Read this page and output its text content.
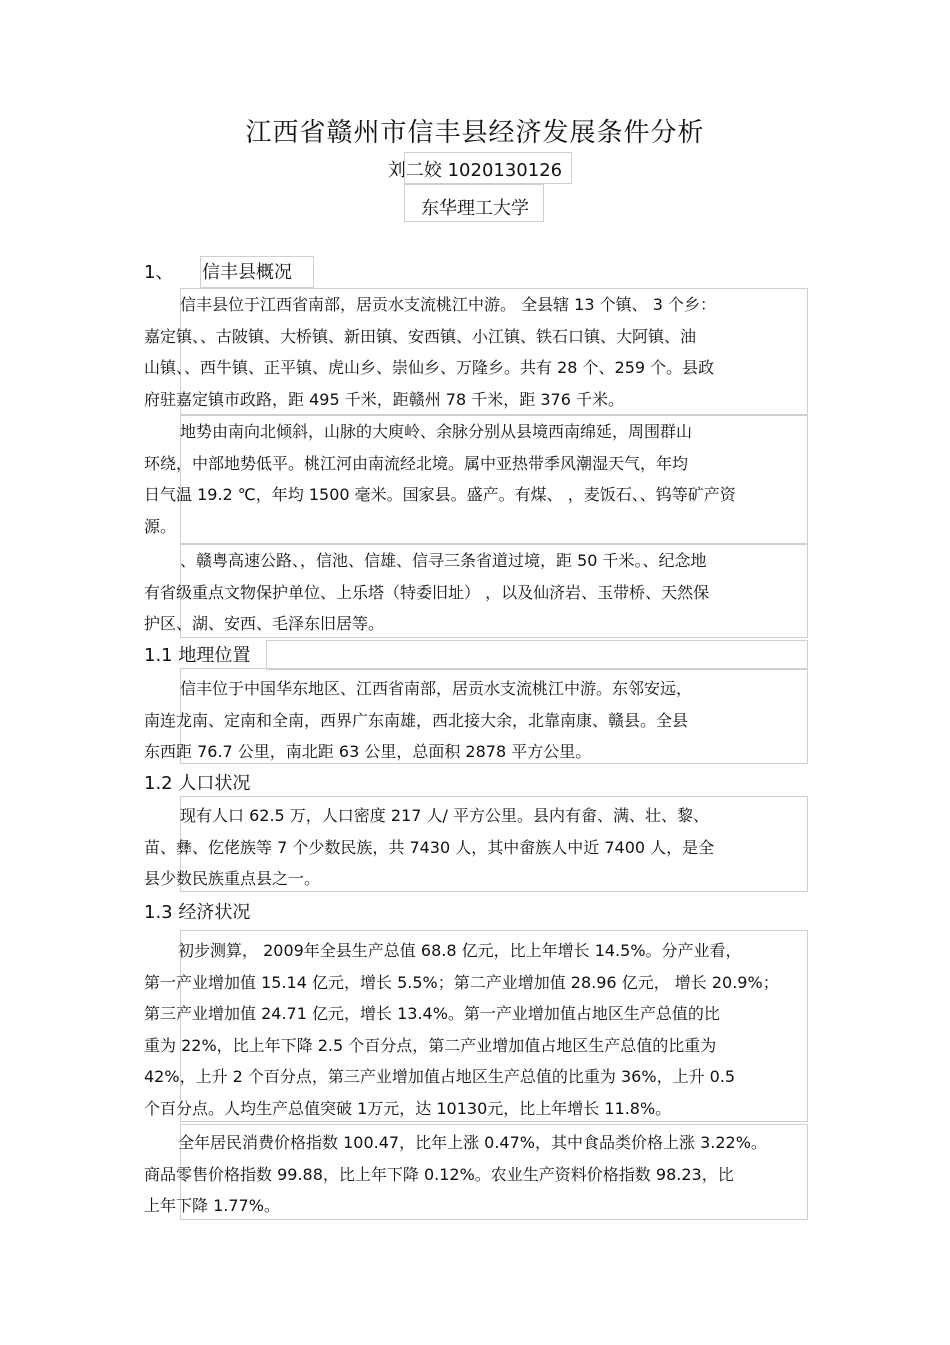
江西省赣州市信丰县经济发展条件分析
刘二姣 1020130126
东华理工大学
1、 信丰县概况
信丰县位于江西省南部，居贡水支流桃江中游。 全县辖 13 个镇、 3 个乡：
嘉定镇、、古陂镇、大桥镇、新田镇、安西镇、小江镇、铁石口镇、大阿镇、油
山镇、、西牛镇、正平镇、虎山乡、崇仙乡、万隆乡。共有 28 个、259 个。县政
府驻嘉定镇市政路，距 495 千米，距赣州 78 千米，距 376 千米。
地势由南向北倾斜，山脉的大庾岭、余脉分别从县境西南绵延，周围群山
环绕，中部地势低平。桃江河由南流经北境。属中亚热带季风潮湿天气，年均
日气温 19.2 ℃，年均 1500 毫米。国家县。盛产。有煤、 ，麦饭石、、钨等矿产资
源。
、赣粤高速公路、，信池、信雄、信寻三条省道过境，距 50 千米。、纪念地
有省级重点文物保护单位、上乐塔（特委旧址） ，以及仙济岩、玉带桥、天然保
护区、湖、安西、毛泽东旧居等。
1.1 地理位置
信丰位于中国华东地区、江西省南部，居贡水支流桃江中游。东邻安远，
南连龙南、定南和全南，西界广东南雄，西北接大余，北靠南康、赣县。全县
东西距 76.7 公里，南北距 63 公里，总面积 2878 平方公里。
1.2 人口状况
现有人口 62.5 万，人口密度 217 人/ 平方公里。县内有畲、满、壮、黎、
苗、彝、仡佬族等 7 个少数民族，共 7430 人，其中畲族人中近 7400 人，是全
县少数民族重点县之一。
1.3 经济状况
初步测算， 2009年全县生产总值 68.8 亿元，比上年增长 14.5%。分产业看，
第一产业增加值 15.14 亿元，增长 5.5%；第二产业增加值 28.96 亿元， 增长 20.9%；
第三产业增加值 24.71 亿元，增长 13.4%。第一产业增加值占地区生产总值的比
重为 22%，比上年下降 2.5 个百分点，第二产业增加值占地区生产总值的比重为
42%，上升 2 个百分点，第三产业增加值占地区生产总值的比重为 36%，上升 0.5
个百分点。人均生产总值突破 1万元，达 10130元，比上年增长 11.8%。
全年居民消费价格指数 100.47，比年上涨 0.47%，其中食品类价格上涨 3.22%。
商品零售价格指数 99.88，比上年下降 0.12%。农业生产资料价格指数 98.23，比
上年下降 1.77%。
